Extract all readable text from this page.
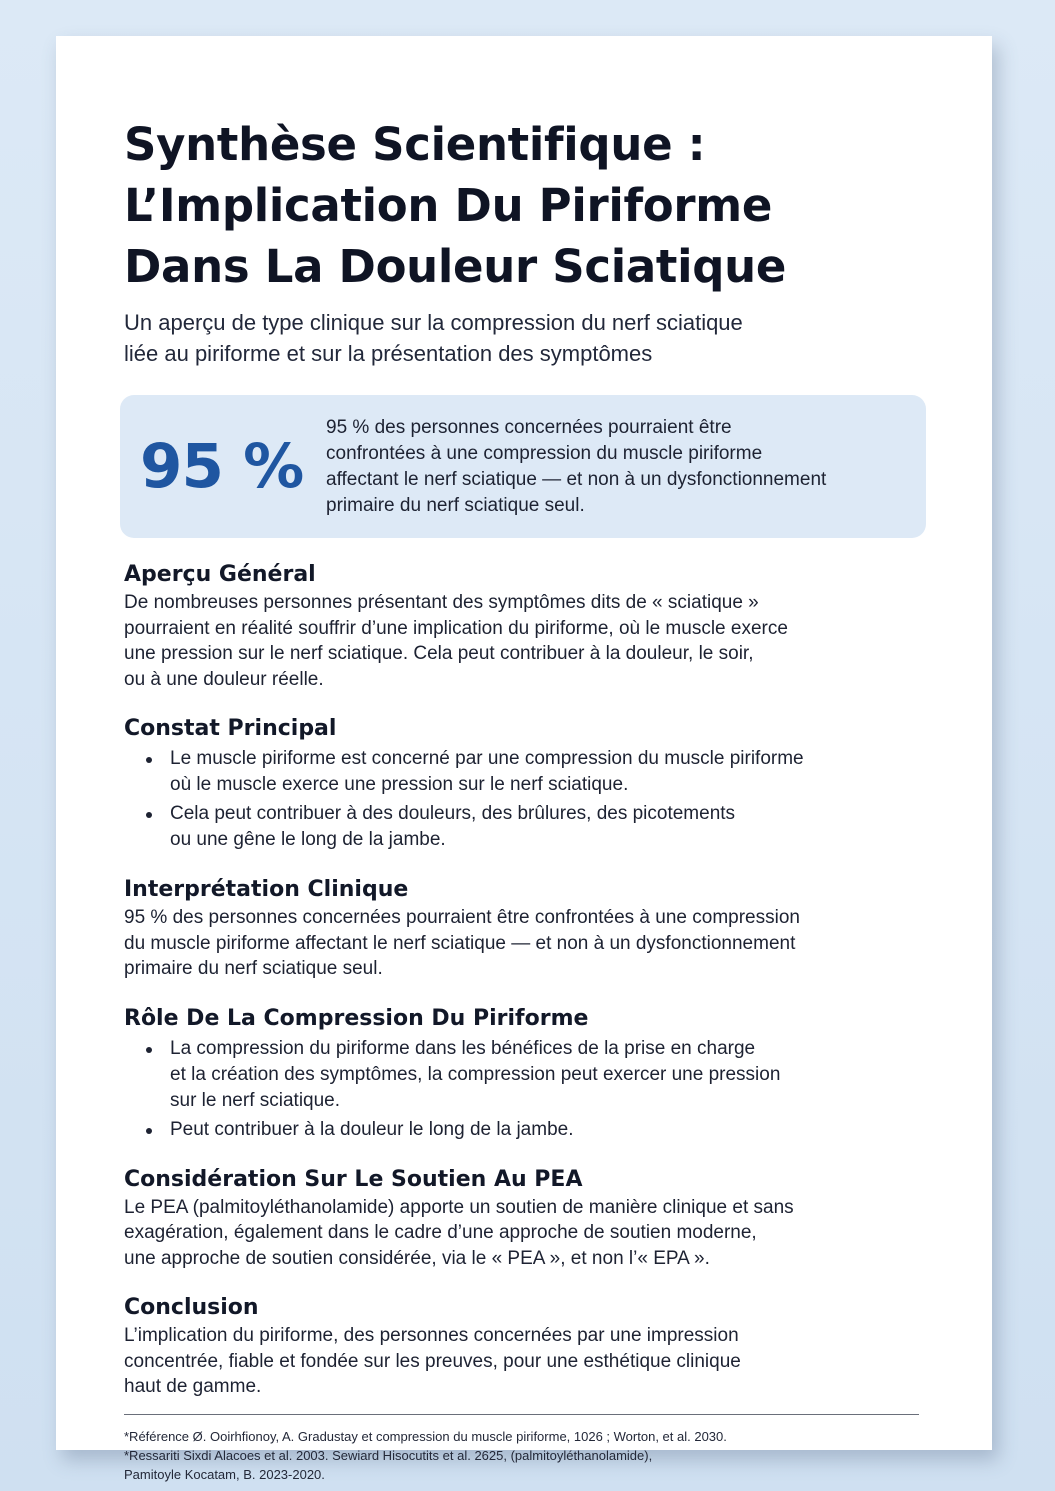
Synthèse Scientifique :
L’Implication Du Piriforme
Dans La Douleur Sciatique

Un aperçu de type clinique sur la compression du nerf sciatique
liée au piriforme et sur la présentation des symptômes

95 %
95 % des personnes concernées pourraient être
confrontées à une compression du muscle piriforme
affectant le nerf sciatique — et non à un dysfonctionnement
primaire du nerf sciatique seul.
Aperçu Général

De nombreuses personnes présentant des symptômes dits de « sciatique »
pourraient en réalité souffrir d’une implication du piriforme, où le muscle exerce
une pression sur le nerf sciatique. Cela peut contribuer à la douleur, le soir,
ou à une douleur réelle.

Constat Principal
Le muscle piriforme est concerné par une compression du muscle piriforme
où le muscle exerce une pression sur le nerf sciatique.
Cela peut contribuer à des douleurs, des brûlures, des picotements
ou une gêne le long de la jambe.
Interprétation Clinique

95 % des personnes concernées pourraient être confrontées à une compression
du muscle piriforme affectant le nerf sciatique — et non à un dysfonctionnement
primaire du nerf sciatique seul.

Rôle De La Compression Du Piriforme
La compression du piriforme dans les bénéfices de la prise en charge
et la création des symptômes, la compression peut exercer une pression
sur le nerf sciatique.
Peut contribuer à la douleur le long de la jambe.
Considération Sur Le Soutien Au PEA

Le PEA (palmitoyléthanolamide) apporte un soutien de manière clinique et sans
exagération, également dans le cadre d’une approche de soutien moderne,
une approche de soutien considérée, via le « PEA », et non l’« EPA ».

Conclusion

L’implication du piriforme, des personnes concernées par une impression
concentrée, fiable et fondée sur les preuves, pour une esthétique clinique
haut de gamme.

*Référence Ø. Ooirhfionoy, A. Gradustay et compression du muscle piriforme, 1026 ; Worton, et al. 2030.
*Ressariti Sixdi Alacoes et al. 2003. Sewiard Hisocutits et al. 2625, (palmitoyléthanolamide),
Pamitoyle Kocatam, B. 2023-2020.
